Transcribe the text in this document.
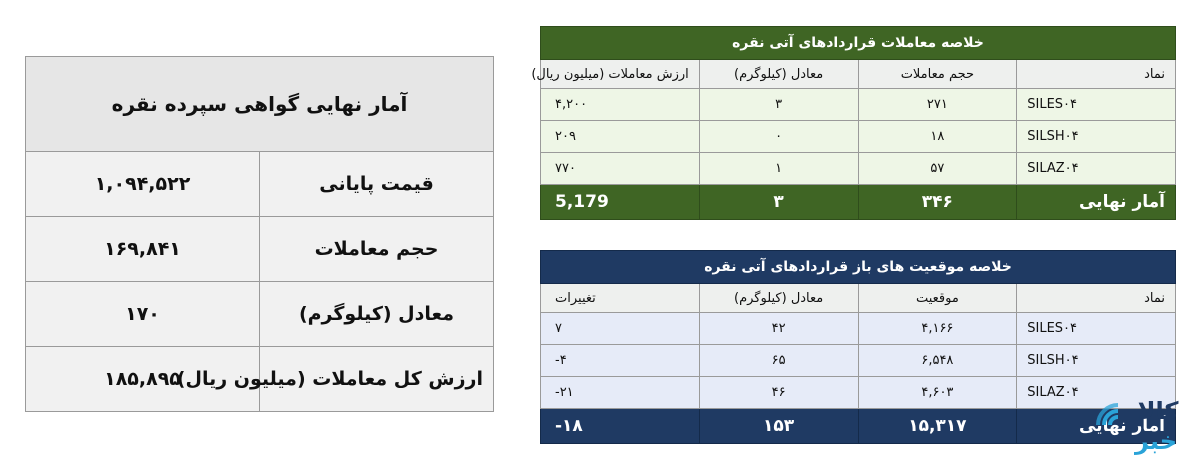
آمار نهایی گواهی سپرده نقره	
قیمت پایانی	۱,۰۹۴,۵۲۲
حجم معاملات	۱۶۹,۸۴۱
معادل (کیلوگرم)	۱۷۰
ارزش کل معاملات (میلیون ریال)	۱۸۵,۸۹۵
خلاصه معاملات قراردادهای آتی نقره			
نماد	حجم معاملات	معادل (کیلوگرم)	ارزش معاملات (میلیون ریال)
SILES۰۴	۲۷۱	۳	۴,۲۰۰
SILSH۰۴	۱۸	۰	۲۰۹
SILAZ۰۴	۵۷	۱	۷۷۰
آمار نهایی	۳۴۶	۳	5,179
خلاصه موقعیت های باز قراردادهای آتی نقره			
نماد	موقعیت	معادل (کیلوگرم)	تغییرات
SILES۰۴	۴,۱۶۶	۴۲	۷
SILSH۰۴	۶,۵۴۸	۶۵	-۴
SILAZ۰۴	۴,۶۰۳	۴۶	-۲۱
آمار نهایی	۱۵,۳۱۷	۱۵۳	-۱۸
کالا
خبر
